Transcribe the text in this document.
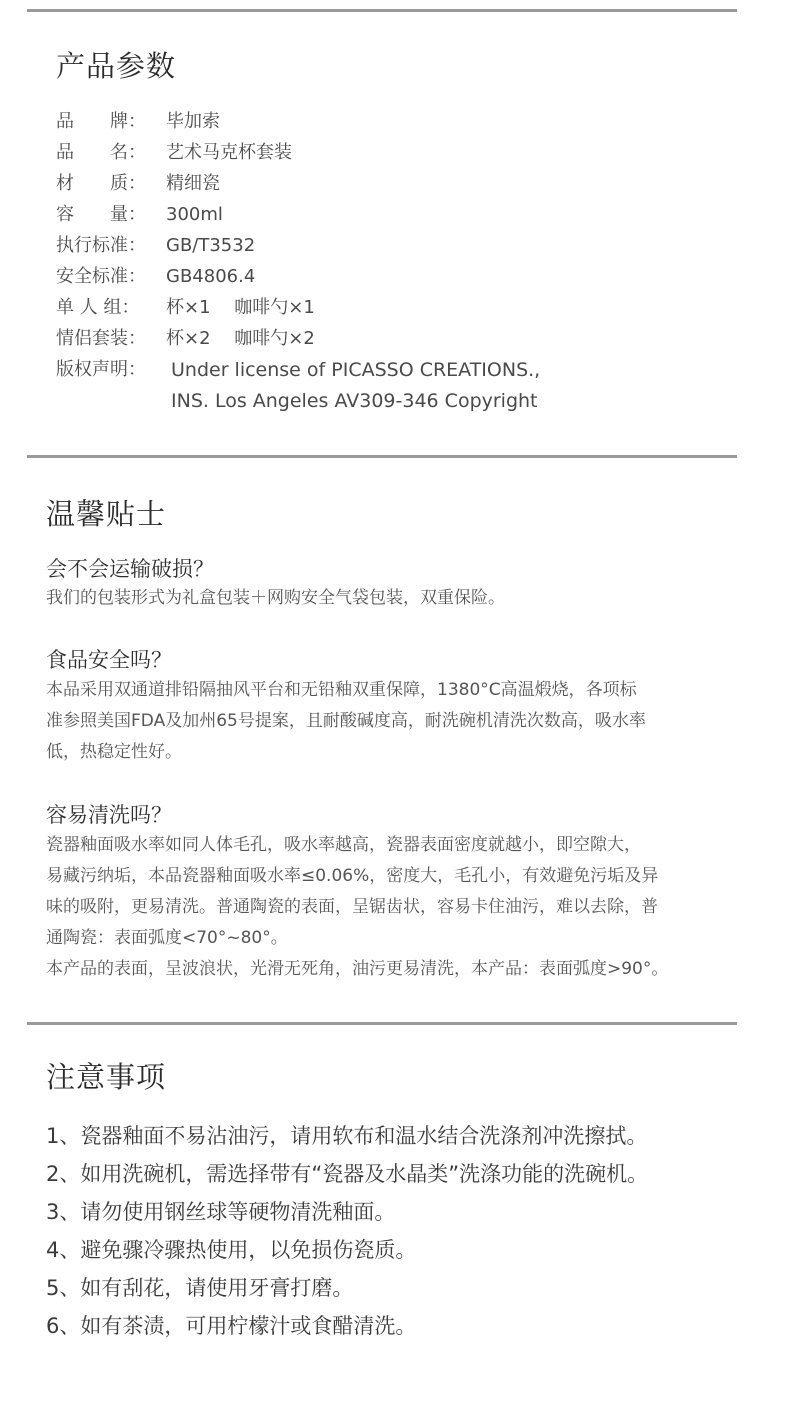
产品参数
品　　牌： 毕加索
品　　名： 艺术马克杯套装
材　　质： 精细瓷
容　　量： 300ml
执行标准： GB/T3532
安全标准： GB4806.4
单 人 组： 杯×1　 咖啡勺×1
情侣套装： 杯×2　 咖啡勺×2
版权声明：	Under license of PICASSO CREATIONS.,
INS. Los Angeles AV309-346 Copyright
温馨贴士
会不会运输破损？

我们的包装形式为礼盒包装＋网购安全气袋包装，双重保险。

食品安全吗？

本品采用双通道排铅隔抽风平台和无铅釉双重保障，1380°C高温煅烧，各项标

准参照美国FDA及加州65号提案，且耐酸碱度高，耐洗碗机清洗次数高，吸水率

低，热稳定性好。

容易清洗吗？

瓷器釉面吸水率如同人体毛孔，吸水率越高，瓷器表面密度就越小，即空隙大，

易藏污纳垢，本品瓷器釉面吸水率≤0.06%，密度大，毛孔小，有效避免污垢及异

味的吸附，更易清洗。普通陶瓷的表面，呈锯齿状，容易卡住油污，难以去除，普

通陶瓷：表面弧度<70°~80°。

本产品的表面，呈波浪状，光滑无死角，油污更易清洗，本产品：表面弧度>90°。

注意事项

1、瓷器釉面不易沾油污，请用软布和温水结合洗涤剂冲洗擦拭。

2、如用洗碗机，需选择带有“瓷器及水晶类”洗涤功能的洗碗机。

3、请勿使用钢丝球等硬物清洗釉面。

4、避免骤冷骤热使用，以免损伤瓷质。

5、如有刮花，请使用牙膏打磨。

6、如有茶渍，可用柠檬汁或食醋清洗。
